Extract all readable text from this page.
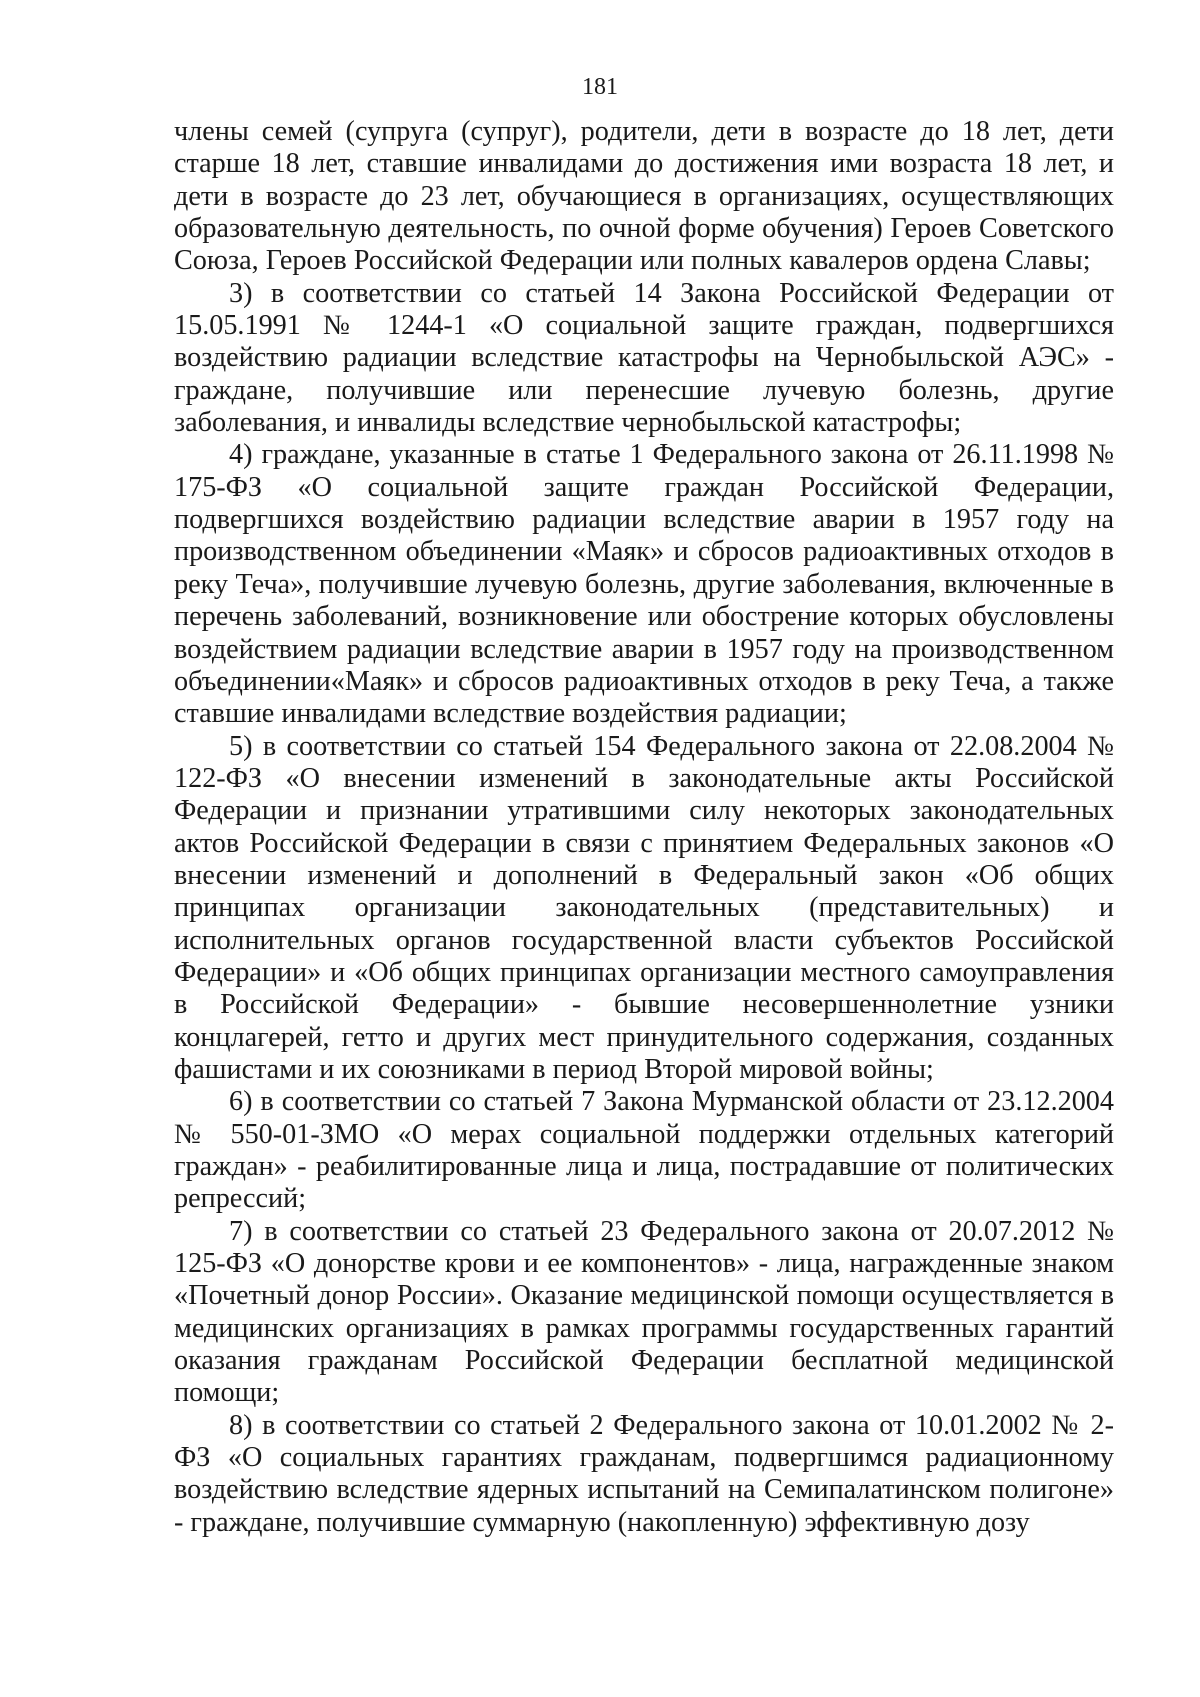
181

члены семей (супруга (супруг), родители, дети в возрасте до 18 лет, дети старше 18 лет, ставшие инвалидами до достижения ими возраста 18 лет, и дети в возрасте до 23 лет, обучающиеся в организациях, осуществляющих образовательную деятельность, по очной форме обучения) Героев Советского Союза, Героев Российской Федерации или полных кавалеров ордена Славы;

3) в соответствии со статьей 14 Закона Российской Федерации от 15.05.1991 № 1244-1 «О социальной защите граждан, подвергшихся воздействию радиации вследствие катастрофы на Чернобыльской АЭС» - граждане, получившие или перенесшие лучевую болезнь, другие заболевания, и инвалиды вследствие чернобыльской катастрофы;

4) граждане, указанные в статье 1 Федерального закона от 26.11.1998 № 175-ФЗ «О социальной защите граждан Российской Федерации, подвергшихся воздействию радиации вследствие аварии в 1957 году на производственном объединении «Маяк» и сбросов радиоактивных отходов в реку Теча», получившие лучевую болезнь, другие заболевания, включенные в перечень заболеваний, возникновение или обострение которых обусловлены воздействием радиации вследствие аварии в 1957 году на производственном объединении«Маяк» и сбросов радиоактивных отходов в реку Теча, а также ставшие инвалидами вследствие воздействия радиации;

5) в соответствии со статьей 154 Федерального закона от 22.08.2004 № 122-ФЗ «О внесении изменений в законодательные акты Российской Федерации и признании утратившими силу некоторых законодательных актов Российской Федерации в связи с принятием Федеральных законов «О внесении изменений и дополнений в Федеральный закон «Об общих принципах организации законодательных (представительных) и исполнительных органов государственной власти субъектов Российской Федерации» и «Об общих принципах организации местного самоуправления в Российской Федерации» - бывшие несовершеннолетние узники концлагерей, гетто и других мест принудительного содержания, созданных фашистами и их союзниками в период Второй мировой войны;

6) в соответствии со статьей 7 Закона Мурманской области от 23.12.2004 № 550-01-ЗМО «О мерах социальной поддержки отдельных категорий граждан» - реабилитированные лица и лица, пострадавшие от политических репрессий;

7) в соответствии со статьей 23 Федерального закона от 20.07.2012 № 125-ФЗ «О донорстве крови и ее компонентов» - лица, награжденные знаком «Почетный донор России». Оказание медицинской помощи осуществляется в медицинских организациях в рамках программы государственных гарантий оказания гражданам Российской Федерации бесплатной медицинской помощи;

8) в соответствии со статьей 2 Федерального закона от 10.01.2002 № 2-ФЗ «О социальных гарантиях гражданам, подвергшимся радиационному воздействию вследствие ядерных испытаний на Семипалатинском полигоне» - граждане, получившие суммарную (накопленную) эффективную дозу
